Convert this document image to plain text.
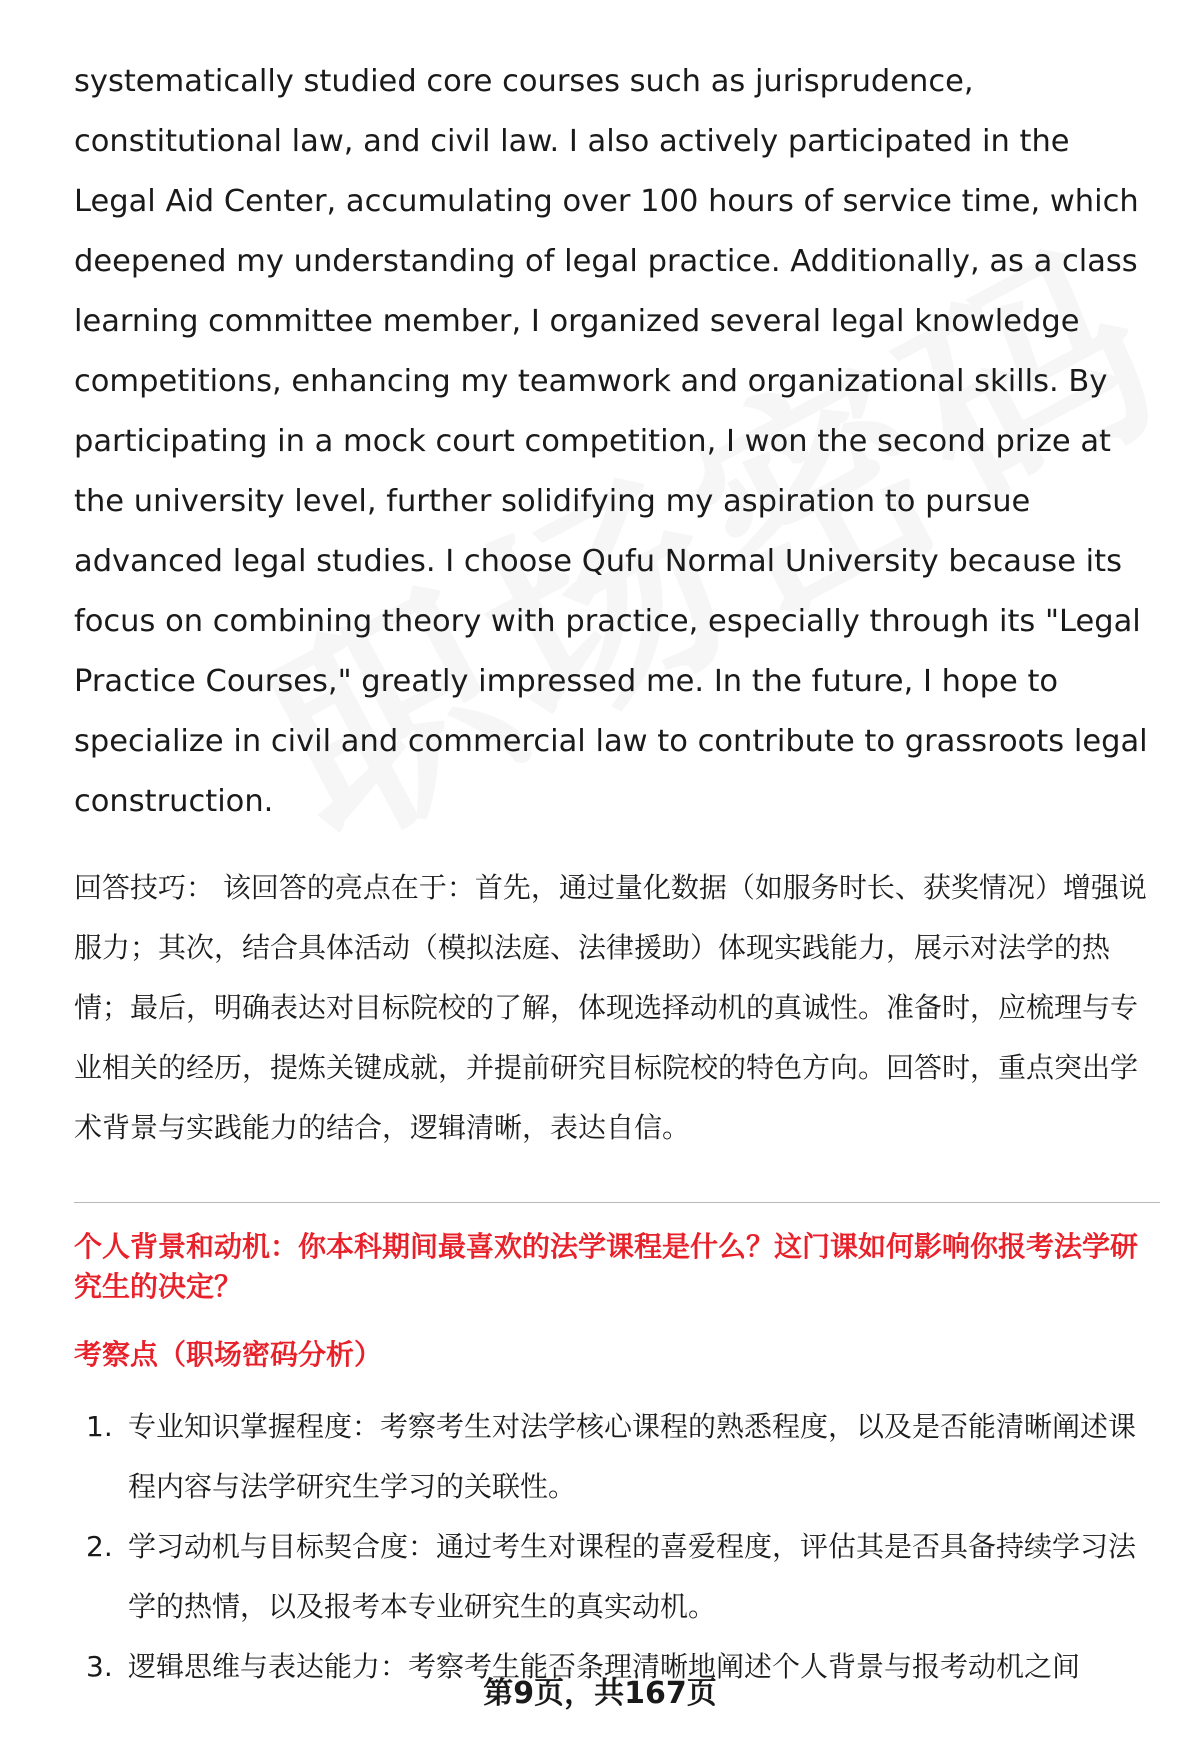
systematically studied core courses such as jurisprudence, constitutional law, and civil law. I also actively participated in the Legal Aid Center, accumulating over 100 hours of service time, which deepened my understanding of legal practice. Additionally, as a class learning committee member, I organized several legal knowledge competitions, enhancing my teamwork and organizational skills. By participating in a mock court competition, I won the second prize at the university level, further solidifying my aspiration to pursue advanced legal studies. I choose Qufu Normal University because its focus on combining theory with practice, especially through its "Legal Practice Courses," greatly impressed me. In the future, I hope to specialize in civil and commercial law to contribute to grassroots legal construction.

回答技巧： 该回答的亮点在于：首先，通过量化数据（如服务时长、获奖情况）增强说服力；其次，结合具体活动（模拟法庭、法律援助）体现实践能力，展示对法学的热情；最后，明确表达对目标院校的了解，体现选择动机的真诚性。准备时，应梳理与专业相关的经历，提炼关键成就，并提前研究目标院校的特色方向。回答时，重点突出学术背景与实践能力的结合，逻辑清晰，表达自信。

个人背景和动机：你本科期间最喜欢的法学课程是什么？这门课如何影响你报考法学研究生的决定？

考察点（职场密码分析）

1. 专业知识掌握程度：考察考生对法学核心课程的熟悉程度，以及是否能清晰阐述课程内容与法学研究生学习的关联性。
2. 学习动机与目标契合度：通过考生对课程的喜爱程度，评估其是否具备持续学习法学的热情，以及报考本专业研究生的真实动机。
3. 逻辑思维与表达能力：考察考生能否条理清晰地阐述个人背景与报考动机之间
第9页，共167页
